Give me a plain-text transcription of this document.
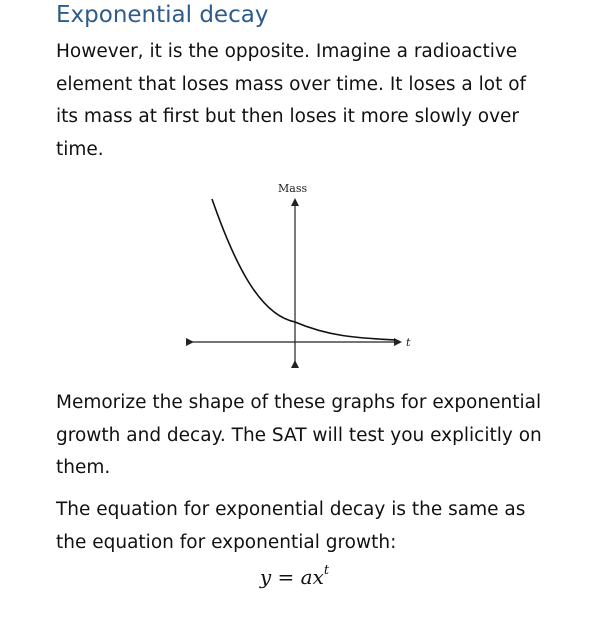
Exponential decay

However, it is the opposite. Imagine a radioactive element that loses mass over time. It loses a lot of its mass at first but then loses it more slowly over time.

Mass
t

Memorize the shape of these graphs for exponential growth and decay. The SAT will test you explicitly on them.

The equation for exponential decay is the same as the equation for exponential growth:

$y = ax^t$
